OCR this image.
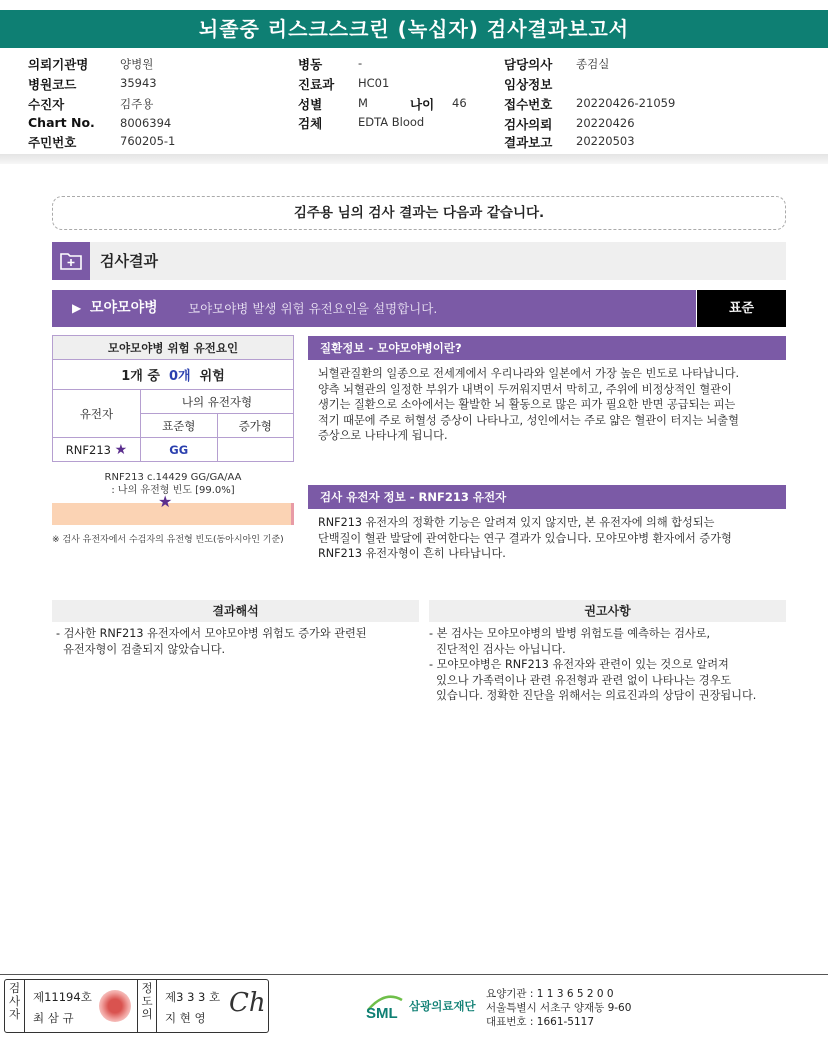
뇌졸중 리스크스크린 (녹십자) 검사결과보고서
의뢰기관명	양병원
병원코드	35943
수진자	김주용
Chart No. 8006394
주민번호	760205-1
병동	-
진료과 HC01
성별	M	나이 46
검체	EDTA Blood
담당의사 종검실
임상정보
접수번호 20220426-21059
검사의뢰 20220426
결과보고 20220503
김주용 님의 검사 결과는 다음과 같습니다.
검사결과
▶ 모야모야병 모야모야병 발생 위험 유전요인을 설명합니다.	표준
모야모야병 위험 유전요인		
1개 중 0개 위험		
유전자	나의 유전자형	
	표준형	증가형
RNF213 ★	GG	
RNF213 c.14429 GG/GA/AA
: 나의 유전형 빈도 [99.0%]
★
※ 검사 유전자에서 수검자의 유전형 빈도(동아시아인 기준)
질환정보 - 모야모야병이란?
뇌혈관질환의 일종으로 전세계에서 우리나라와 일본에서 가장 높은 빈도로 나타납니다.
양측 뇌혈관의 일정한 부위가 내벽이 두꺼워지면서 막히고, 주위에 비정상적인 혈관이
생기는 질환으로 소아에서는 활발한 뇌 활동으로 많은 피가 필요한 반면 공급되는 피는
적기 때문에 주로 허혈성 증상이 나타나고, 성인에서는 주로 얇은 혈관이 터지는 뇌출혈
증상으로 나타나게 됩니다.
검사 유전자 정보 - RNF213 유전자
RNF213 유전자의 정확한 기능은 알려져 있지 않지만, 본 유전자에 의해 합성되는
단백질이 혈관 발달에 관여한다는 연구 결과가 있습니다. 모야모야병 환자에서 증가형
RNF213 유전자형이 흔히 나타납니다.
결과해석
- 검사한 RNF213 유전자에서 모야모야병 위험도 증가와 관련된
유전자형이 검출되지 않았습니다.
권고사항
- 본 검사는 모야모야병의 발병 위험도를 예측하는 검사로,
진단적인 검사는 아닙니다.
- 모야모야병은 RNF213 유전자와 관련이 있는 것으로 알려져
있으나 가족력이나 관련 유전형과 관련 없이 나타나는 경우도
있습니다. 정확한 진단을 위해서는 의료진과의 상담이 권장됩니다.
검
사
자
제11194호
최 삼 규
정
도
의
제3 3 3 호
지 현 영 Ch	SML 삼광의료재단
요양기관 : 1 1 3 6 5 2 0 0
서울특별시 서초구 양재동 9-60
대표번호 : 1661-5117
